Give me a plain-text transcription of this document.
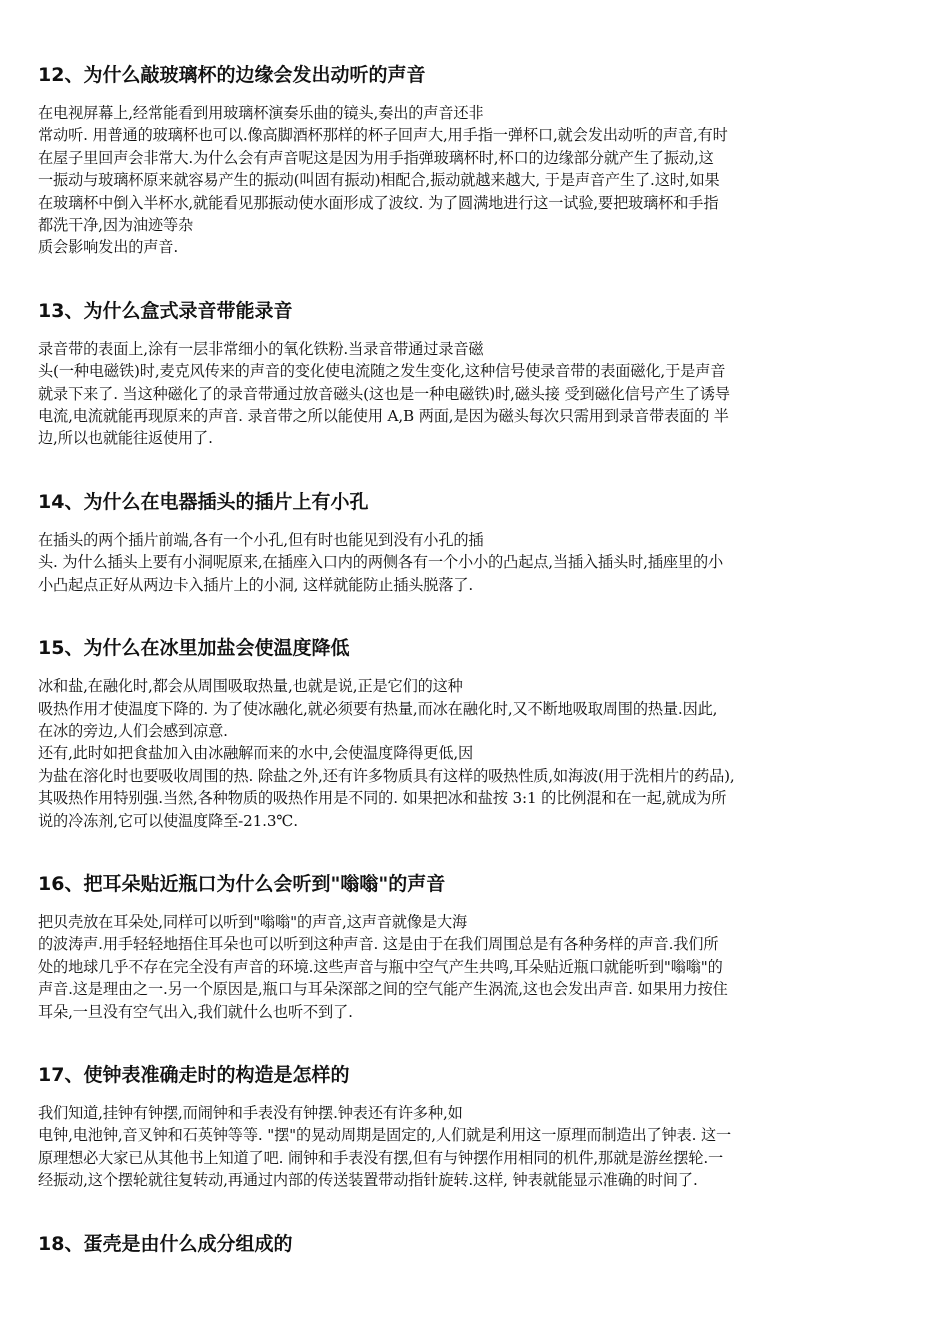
12、为什么敲玻璃杯的边缘会发出动听的声音
在电视屏幕上,经常能看到用玻璃杯演奏乐曲的镜头,奏出的声音还非
常动听. 用普通的玻璃杯也可以.像高脚酒杯那样的杯子回声大,用手指一弹杯口,就会发出动听的声音,有时
在屋子里回声会非常大.为什么会有声音呢这是因为用手指弹玻璃杯时,杯口的边缘部分就产生了振动,这
一振动与玻璃杯原来就容易产生的振动(叫固有振动)相配合,振动就越来越大, 于是声音产生了.这时,如果
在玻璃杯中倒入半杯水,就能看见那振动使水面形成了波纹. 为了圆满地进行这一试验,要把玻璃杯和手指
都洗干净,因为油迹等杂
质会影响发出的声音.
13、为什么盒式录音带能录音
录音带的表面上,涂有一层非常细小的氧化铁粉.当录音带通过录音磁
头(一种电磁铁)时,麦克风传来的声音的变化使电流随之发生变化,这种信号使录音带的表面磁化,于是声音
就录下来了. 当这种磁化了的录音带通过放音磁头(这也是一种电磁铁)时,磁头接 受到磁化信号产生了诱导
电流,电流就能再现原来的声音. 录音带之所以能使用 A,B 两面,是因为磁头每次只需用到录音带表面的 半
边,所以也就能往返使用了.
14、为什么在电器插头的插片上有小孔
在插头的两个插片前端,各有一个小孔,但有时也能见到没有小孔的插
头. 为什么插头上要有小洞呢原来,在插座入口内的两侧各有一个小小的凸起点,当插入插头时,插座里的小
小凸起点正好从两边卡入插片上的小洞, 这样就能防止插头脱落了.
15、为什么在冰里加盐会使温度降低
冰和盐,在融化时,都会从周围吸取热量,也就是说,正是它们的这种
吸热作用才使温度下降的. 为了使冰融化,就必须要有热量,而冰在融化时,又不断地吸取周围的热量.因此,
在冰的旁边,人们会感到凉意.
还有,此时如把食盐加入由冰融解而来的水中,会使温度降得更低,因
为盐在溶化时也要吸收周围的热. 除盐之外,还有许多物质具有这样的吸热性质,如海波(用于洗相片的药品),
其吸热作用特别强.当然,各种物质的吸热作用是不同的. 如果把冰和盐按 3:1 的比例混和在一起,就成为所
说的冷冻剂,它可以使温度降至-21.3℃.
16、把耳朵贴近瓶口为什么会听到"嗡嗡"的声音
把贝壳放在耳朵处,同样可以听到"嗡嗡"的声音,这声音就像是大海
的波涛声.用手轻轻地捂住耳朵也可以听到这种声音. 这是由于在我们周围总是有各种务样的声音.我们所
处的地球几乎不存在完全没有声音的环境.这些声音与瓶中空气产生共鸣,耳朵贴近瓶口就能听到"嗡嗡"的
声音.这是理由之一.另一个原因是,瓶口与耳朵深部之间的空气能产生涡流,这也会发出声音. 如果用力按住
耳朵,一旦没有空气出入,我们就什么也听不到了.
17、使钟表准确走时的构造是怎样的
我们知道,挂钟有钟摆,而闹钟和手表没有钟摆.钟表还有许多种,如
电钟,电池钟,音叉钟和石英钟等等. "摆"的晃动周期是固定的,人们就是利用这一原理而制造出了钟表. 这一
原理想必大家已从其他书上知道了吧. 闹钟和手表没有摆,但有与钟摆作用相同的机件,那就是游丝摆轮.一
经振动,这个摆轮就往复转动,再通过内部的传送装置带动指针旋转.这样, 钟表就能显示准确的时间了.
18、蛋壳是由什么成分组成的
